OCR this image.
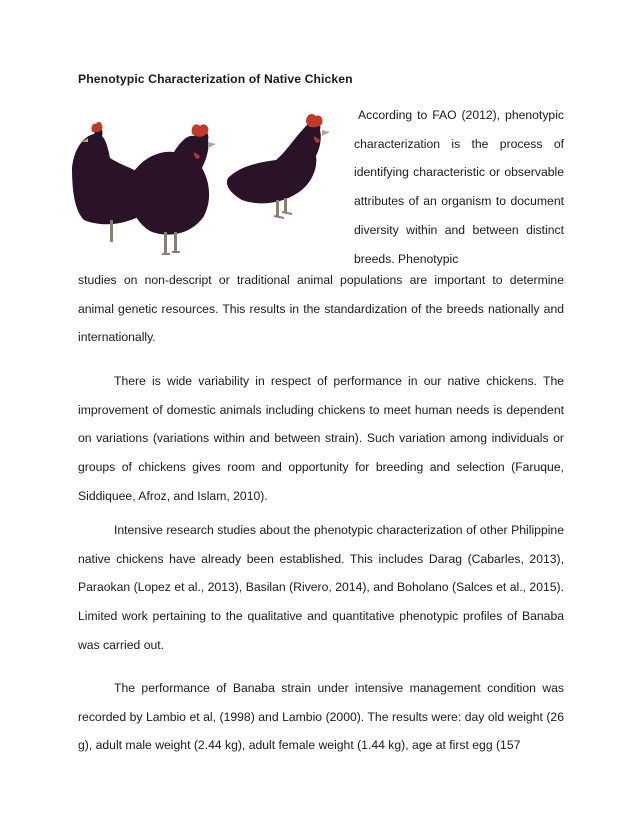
Phenotypic Characterization of Native Chicken

According to FAO (2012), phenotypic characterization is the process of identifying characteristic or observable attributes of an organism to document diversity within and between distinct breeds. Phenotypic

studies on non-descript or traditional animal populations are important to determine animal genetic resources. This results in the standardization of the breeds nationally and internationally.

There is wide variability in respect of performance in our native chickens. The improvement of domestic animals including chickens to meet human needs is dependent on variations (variations within and between strain). Such variation among individuals or groups of chickens gives room and opportunity for breeding and selection (Faruque, Siddiquee, Afroz, and Islam, 2010).

Intensive research studies about the phenotypic characterization of other Philippine native chickens have already been established. This includes Darag (Cabarles, 2013), Paraokan (Lopez et al., 2013), Basilan (Rivero, 2014), and Boholano (Salces et al., 2015). Limited work pertaining to the qualitative and quantitative phenotypic profiles of Banaba was carried out.

The performance of Banaba strain under intensive management condition was recorded by Lambio et al, (1998) and Lambio (2000). The results were: day old weight (26 g), adult male weight (2.44 kg), adult female weight (1.44 kg), age at first egg (157
